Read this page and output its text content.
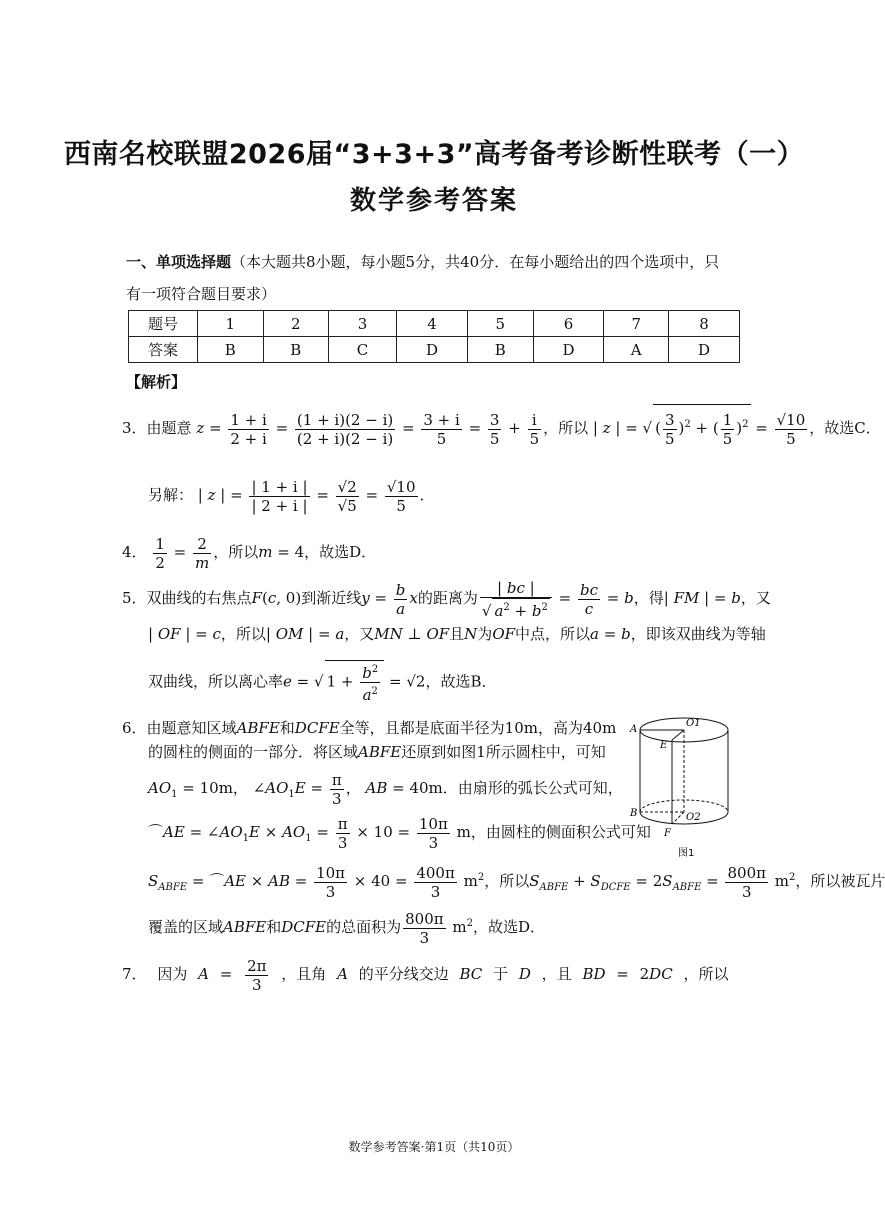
西南名校联盟2026届“3+3+3”高考备考诊断性联考（一）
数学参考答案
一、单项选择题（本大题共8小题，每小题5分，共40分．在每小题给出的四个选项中，只
有一项符合题目要求）
题号	1	2	3	4	5	6	7	8
答案	B	B	C	D	B	D	A	D
【解析】
3．由题意 $z = \frac{1 + i}{2 + i} = \frac{(1 + i)(2 - i)}{(2 + i)(2 - i)} = \frac{3 + i}{5} = \frac{3}{5} + \frac{i}{5}$ ，所以 | z | = √ ( $\frac{3}{5} )^2$ + ( $\frac{1}{5} )^2 = \frac{√10}{5}$ ，故选C．
另解： | z | = $\frac{| 1 + i |}{| 2 + i |} = \frac{√2}{√5} = \frac{√10}{5}$ ．
4． $\frac{1}{2} = \frac{2}{m}$ ，所以m = 4，故选D．
5．双曲线的右焦点F(c, 0)到渐近线$y = \frac{b}{a}$ x的距离为 $\frac{| bc |}{√ a^2 + b^2} = \frac{bc}{c} = b$，得| FM | = b，又
| OF | = c，所以| OM | = a，又MN ⊥ OF且N为OF中点，所以a = b，即该双曲线为等轴
双曲线，所以离心率e = √ $1 + \frac{b^2}{a^2} = √2$，故选B．
6．由题意知区域ABFE和DCFE全等，且都是底面半径为10m，高为40m
的圆柱的侧面的一部分．将区域ABFE还原到如图1所示圆柱中，可知
$AO_1 = 10m$， $\angle AO_1E = \frac{\pi}{3}$ ， AB = 40m．由扇形的弧长公式可知，
⌒AE = $\angle AO_1E \times AO_1 = \frac{\pi}{3} \times 10 = \frac{10\pi}{3}$ m，由圆柱的侧面积公式可知
$S_{ABFE}$ = ⌒AE × AB = $\frac{10\pi}{3} \times 40 = \frac{400\pi}{3} m^2$，所以$S_{ABFE} + S_{DCFE} = 2S_{ABFE} = \frac{800\pi}{3} m^2$，所以被瓦片
覆盖的区域ABFE和DCFE的总面积为 $\frac{800\pi}{3} m^2$，故选D．
A
O1
E
B	O2
F
图1
7． 因为 $A = \frac{2\pi}{3}$ ，且角 A 的平分线交边 BC 于 D ，且 BD = 2DC ，所以
数学参考答案·第1页（共10页）
